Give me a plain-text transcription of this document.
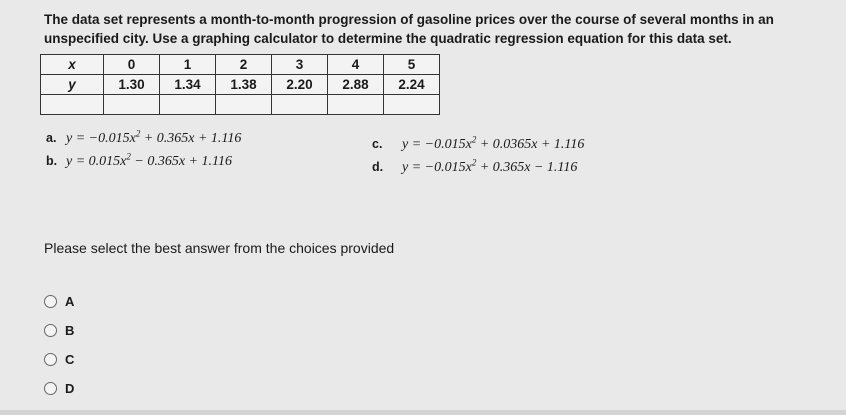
The data set represents a month-to-month progression of gasoline prices over the course of several months in an
unspecified city. Use a graphing calculator to determine the quadratic regression equation for this data set.
x	0	1	2	3	4	5
y	1.30	1.34	1.38	2.20	2.88	2.24

a. $y = -0.015x^2 + 0.365x + 1.116$
b. $y = 0.015x^2 - 0.365x + 1.116$
c. $y = -0.015x^2 + 0.0365x + 1.116$
d. $y = -0.015x^2 + 0.365x - 1.116$
Please select the best answer from the choices provided
A
B
C
D
